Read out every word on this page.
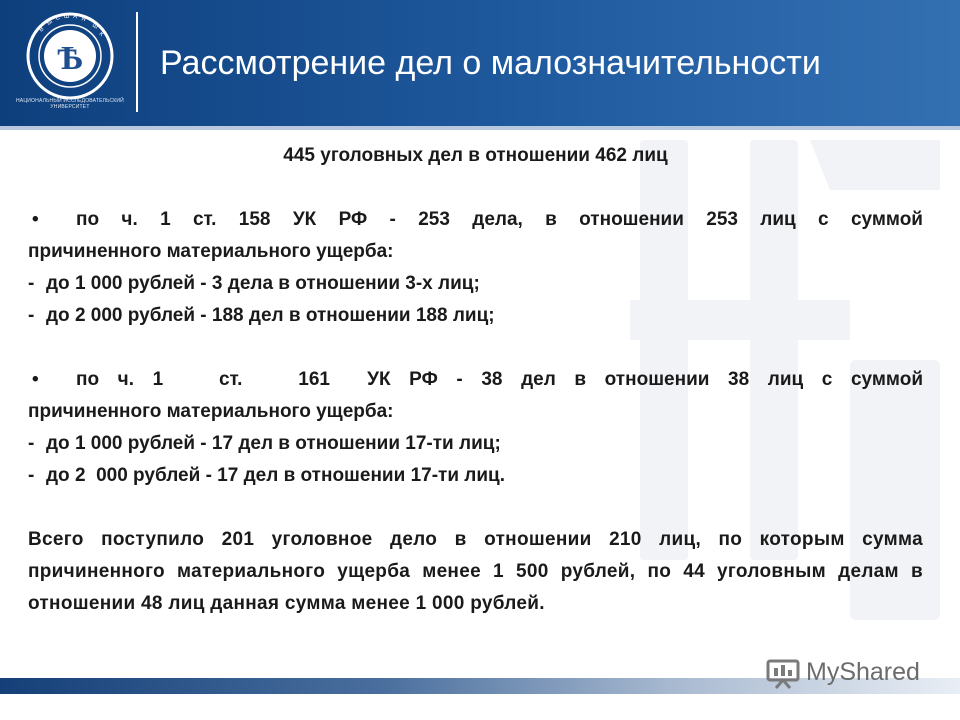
Ѣ
В
Ы
С Ш А Я
Ш
К
НАЦИОНАЛЬНЫЙ ИССЛЕДОВАТЕЛЬСКИЙ УНИВЕРСИТЕТ
Рассмотрение дел о малозначительности

445 уголовных дел в отношении 462 лиц

• по ч. 1 ст. 158 УК РФ - 253 дела, в отношении 253 лиц с суммой

причиненного материального ущерба:

- до 1 000 рублей - 3 дела в отношении 3-х лиц;

- до 2 000 рублей - 188 дел в отношении 188 лиц;

• по ч. 1   ст.   161  УК РФ - 38 дел в отношении 38 лиц с суммой

причиненного материального ущерба:

- до 1 000 рублей - 17 дел в отношении 17-ти лиц;

- до 2  000 рублей - 17 дел в отношении 17-ти лиц.

Всего поступило 201 уголовное дело в отношении 210 лиц, по которым сумма причиненного материального ущерба менее 1 500 рублей, по 44 уголовным делам в отношении 48 лиц данная сумма менее 1 000 рублей.

MyShared
